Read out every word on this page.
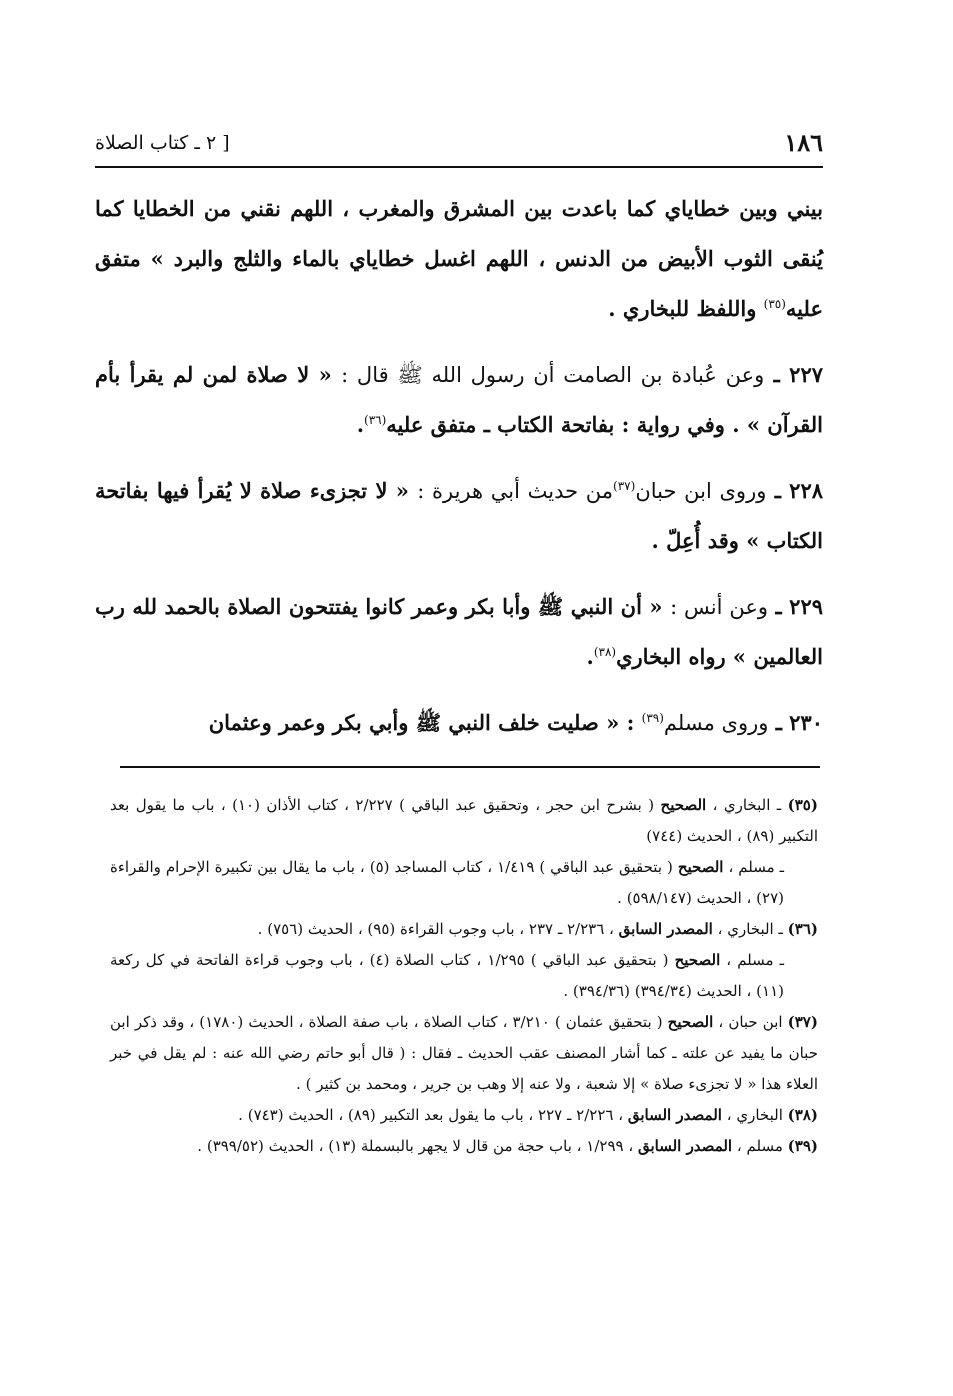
١٨٦
[ ٢ ـ كتاب الصلاة

بيني وبين خطاياي كما باعدت بين المشرق والمغرب ، اللهم نقني من الخطايا كما يُنقى الثوب الأبيض من الدنس ، اللهم اغسل خطاياي بالماء والثلج والبرد » متفق عليه$^{(٣٥)}$ واللفظ للبخاري .

٢٢٧ ـ وعن عُبادة بن الصامت أن رسول الله ﷺ قال : « لا صلاة لمن لم يقرأ بأم القرآن » . وفي رواية : بفاتحة الكتاب ـ متفق عليه$^{(٣٦)}$.

٢٢٨ ـ وروى ابن حبان$^{(٣٧)}$من حديث أبي هريرة : « لا تجزىء صلاة لا يُقرأ فيها بفاتحة الكتاب » وقد أُعِلّ .

٢٢٩ ـ وعن أنس : « أن النبي ﷺ وأبا بكر وعمر كانوا يفتتحون الصلاة بالحمد لله رب العالمين » رواه البخاري$^{(٣٨)}$.

٢٣٠ ـ وروى مسلم$^{(٣٩)}$ : « صليت خلف النبي ﷺ وأبي بكر وعمر وعثمان

(٣٥) ـ البخاري ، الصحيح ( بشرح ابن حجر ، وتحقيق عبد الباقي ) ٢/٢٢٧ ، كتاب الأذان (١٠) ، باب ما يقول بعد التكبير (٨٩) ، الحديث (٧٤٤)

ـ مسلم ، الصحيح ( بتحقيق عبد الباقي ) ١/٤١٩ ، كتاب المساجد (٥) ، باب ما يقال بين تكبيرة الإحرام والقراءة (٢٧) ، الحديث (٥٩٨/١٤٧) .

(٣٦) ـ البخاري ، المصدر السابق ، ٢/٢٣٦ ـ ٢٣٧ ، باب وجوب القراءة (٩٥) ، الحديث (٧٥٦) .

ـ مسلم ، الصحيح ( بتحقيق عبد الباقي ) ١/٢٩٥ ، كتاب الصلاة (٤) ، باب وجوب قراءة الفاتحة في كل ركعة (١١) ، الحديث (٣٩٤/٣٤) (٣٩٤/٣٦) .

(٣٧) ابن حبان ، الصحيح ( بتحقيق عثمان ) ٣/٢١٠ ، كتاب الصلاة ، باب صفة الصلاة ، الحديث (١٧٨٠) ، وقد ذكر ابن حبان ما يفيد عن علته ـ كما أشار المصنف عقب الحديث ـ فقال : ( قال أبو حاتم رضي الله عنه : لم يقل في خبر العلاء هذا « لا تجزىء صلاة » إلا شعبة ، ولا عنه إلا وهب بن جرير ، ومحمد بن كثير ) .

(٣٨) البخاري ، المصدر السابق ، ٢/٢٢٦ ـ ٢٢٧ ، باب ما يقول بعد التكبير (٨٩) ، الحديث (٧٤٣) .

(٣٩) مسلم ، المصدر السابق ، ١/٢٩٩ ، باب حجة من قال لا يجهر بالبسملة (١٣) ، الحديث (٣٩٩/٥٢) .
